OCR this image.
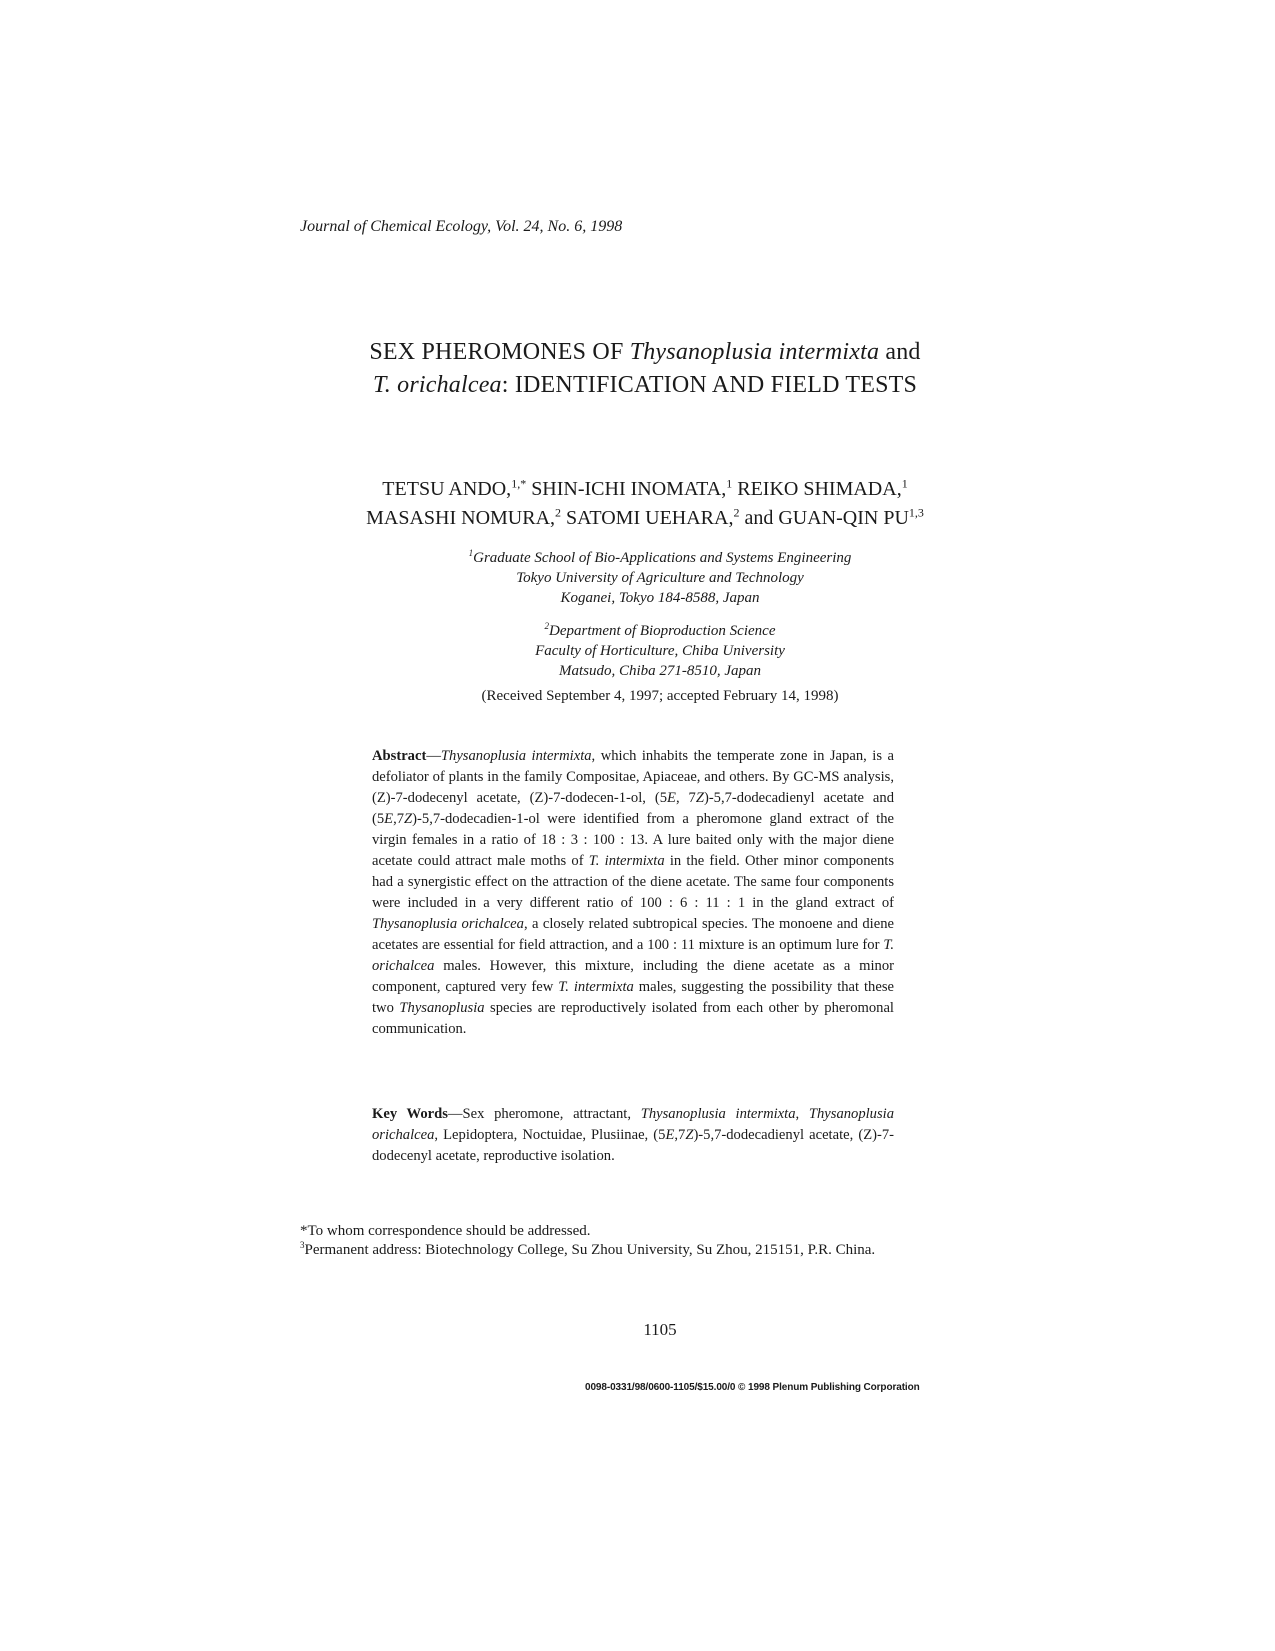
Journal of Chemical Ecology, Vol. 24, No. 6, 1998
SEX PHEROMONES OF Thysanoplusia intermixta and
T. orichalcea: IDENTIFICATION AND FIELD TESTS
TETSU ANDO,$^{1,*}$ SHIN-ICHI INOMATA,$^1$ REIKO SHIMADA,$^1$
MASASHI NOMURA,$^2$ SATOMI UEHARA,$^2$ and GUAN-QIN PU$^{1,3}$
$^1$Graduate School of Bio-Applications and Systems Engineering
Tokyo University of Agriculture and Technology
Koganei, Tokyo 184-8588, Japan
$^2$Department of Bioproduction Science
Faculty of Horticulture, Chiba University
Matsudo, Chiba 271-8510, Japan
(Received September 4, 1997; accepted February 14, 1998)
Abstract—Thysanoplusia intermixta, which inhabits the temperate zone in Japan, is a defoliator of plants in the family Compositae, Apiaceae, and others. By GC-MS analysis, (Z)-7-dodecenyl acetate, (Z)-7-dodecen-1-ol, (5E, 7Z)-5,7-dodecadienyl acetate and (5E,7Z)-5,7-dodecadien-1-ol were identified from a pheromone gland extract of the virgin females in a ratio of 18 : 3 : 100 : 13. A lure baited only with the major diene acetate could attract male moths of T. intermixta in the field. Other minor components had a synergistic effect on the attraction of the diene acetate. The same four components were included in a very different ratio of 100 : 6 : 11 : 1 in the gland extract of Thysanoplusia orichalcea, a closely related subtropical species. The monoene and diene acetates are essential for field attraction, and a 100 : 11 mixture is an optimum lure for T. orichalcea males. However, this mixture, including the diene acetate as a minor component, captured very few T. intermixta males, suggesting the possibility that these two Thysanoplusia species are reproductively isolated from each other by pheromonal communication.
Key Words—Sex pheromone, attractant, Thysanoplusia intermixta, Thysanoplusia orichalcea, Lepidoptera, Noctuidae, Plusiinae, (5E,7Z)-5,7-dodecadienyl acetate, (Z)-7-dodecenyl acetate, reproductive isolation.
*To whom correspondence should be addressed.
$^3$Permanent address: Biotechnology College, Su Zhou University, Su Zhou, 215151, P.R. China.
1105
0098-0331/98/0600-1105/$15.00/0 © 1998 Plenum Publishing Corporation
